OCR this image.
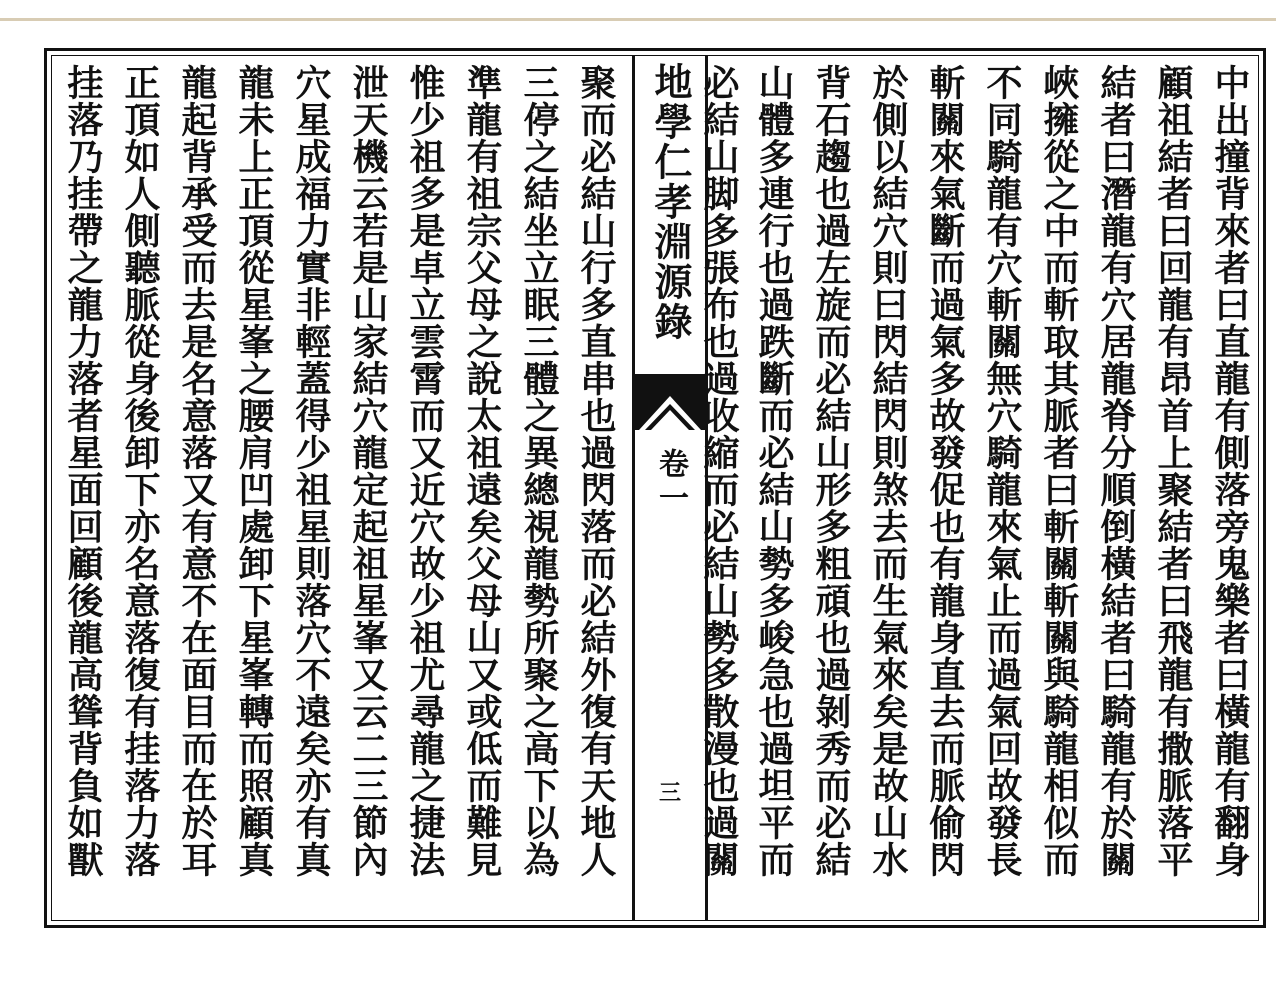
聚而必結山行多直串也過閃落而必結外復有天地人
三停之結坐立眠三體之異總視龍勢所聚之高下以為
準龍有祖宗父母之說太祖遠矣父母山又或低而難見
惟少祖多是卓立雲霄而又近穴故少祖尤尋龍之捷法
泄天機云若是山家結穴龍定起祖星峯又云二三節內
穴星成福力實非輕蓋得少祖星則落穴不遠矣亦有真
龍未上正頂從星峯之腰肩凹處卸下星峯轉而照顧真
龍起背承受而去是名意落又有意不在面目而在於耳
正頂如人側聽脈從身後卸下亦名意落復有挂落力落
挂落乃挂帶之龍力落者星面回顧後龍高聳背負如獸	地學仁孝淵源錄
卷一
三	中出撞背來者曰直龍有側落旁鬼樂者曰橫龍有翻身
顧祖結者曰回龍有昂首上聚結者曰飛龍有撒脈落平
結者曰潛龍有穴居龍脊分順倒橫結者曰騎龍有於關
峽擁從之中而斬取其脈者曰斬關斬關與騎龍相似而
不同騎龍有穴斬關無穴騎龍來氣止而過氣回故發長
斬關來氣斷而過氣多故發促也有龍身直去而脈偷閃
於側以結穴則曰閃結閃則煞去而生氣來矣是故山水
背石趨也過左旋而必結山形多粗頑也過剝秀而必結
山體多連行也過跌斷而必結山勢多峻急也過坦平而
必結山脚多張布也過收縮而必結山勢多散漫也過關
